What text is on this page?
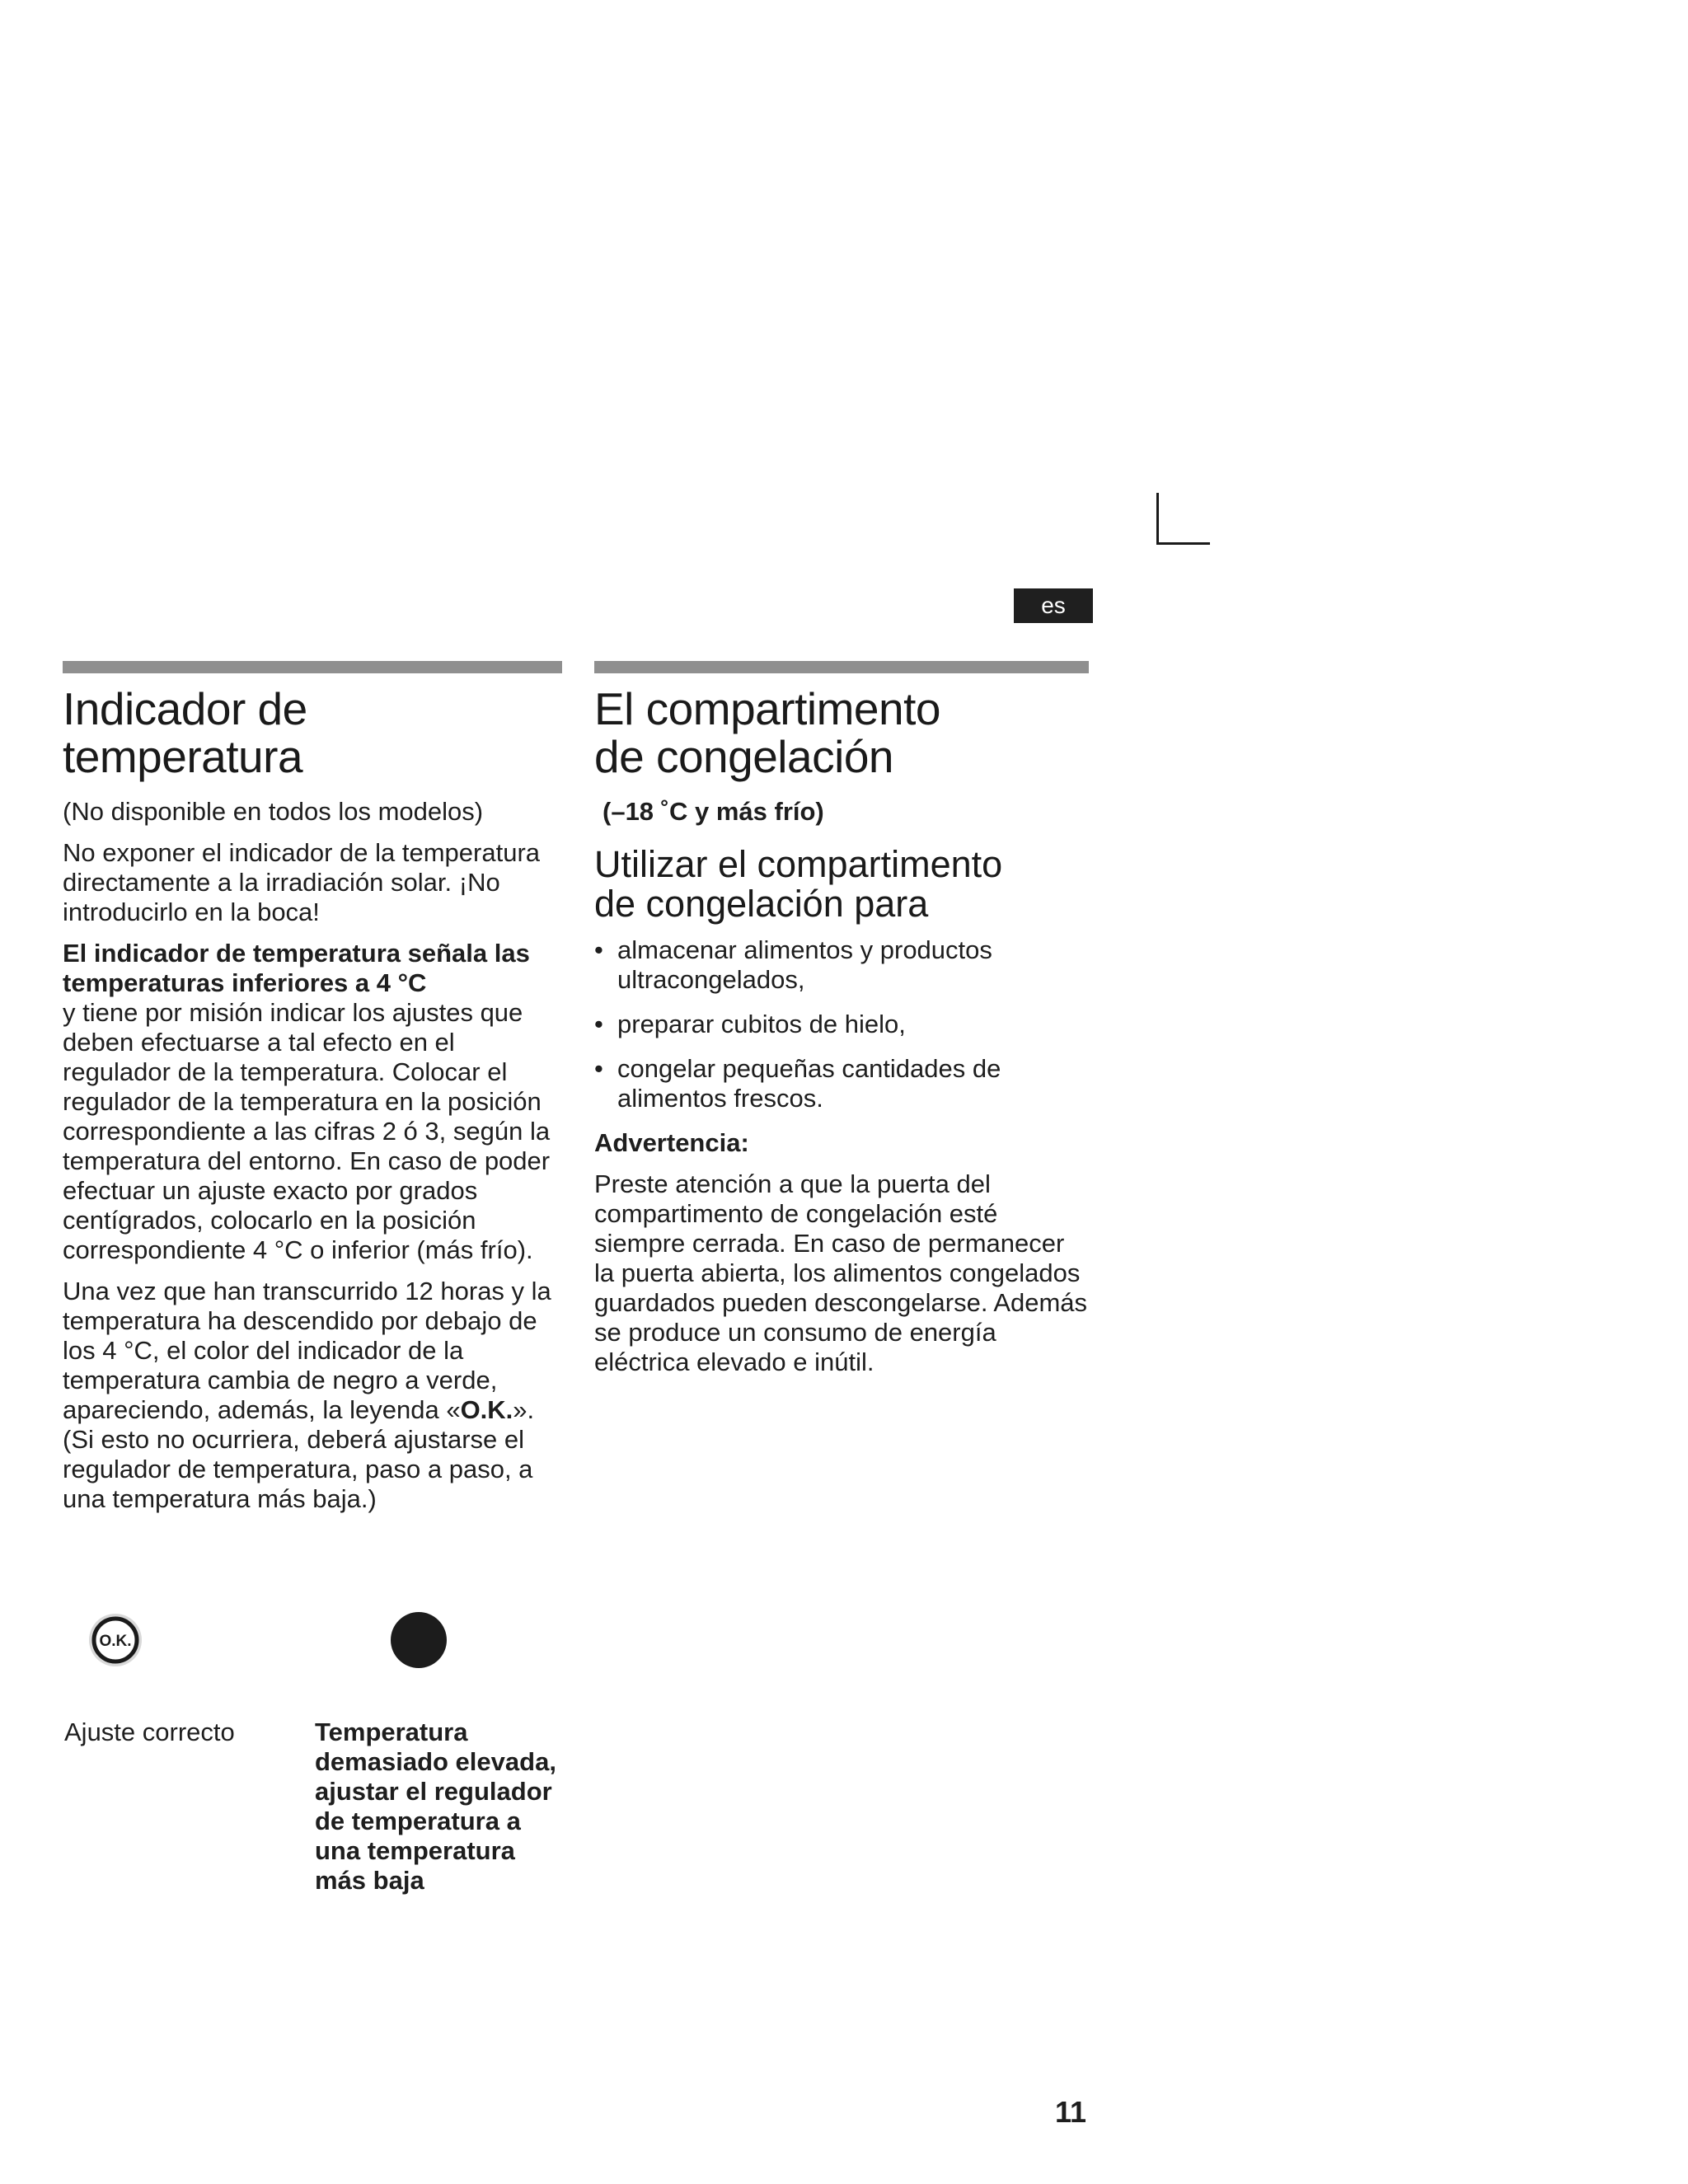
es
Indicador de
temperatura

(No disponible en todos los modelos)

No exponer el indicador de la temperatura directamente a la irradiación solar. ¡No introducirlo en la boca!

El indicador de temperatura señala las temperaturas inferiores a 4 °C
y tiene por misión indicar los ajustes que deben efectuarse a tal efecto en el regulador de la temperatura. Colocar el regulador de la temperatura en la posición correspondiente a las cifras 2 ó 3, según la temperatura del entorno. En caso de poder efectuar un ajuste exacto por grados centígrados, colocarlo en la posición correspondiente 4 °C o inferior (más frío).

Una vez que han transcurrido 12 horas y la temperatura ha descendido por debajo de los 4 °C, el color del indicador de la temperatura cambia de negro a verde, apareciendo, además, la leyenda «O.K.». (Si esto no ocurriera, deberá ajustarse el regulador de temperatura, paso a paso, a una temperatura más baja.)

O.K.
Ajuste correcto	Temperatura demasiado elevada, ajustar el regulador de temperatura a una temperatura más baja
El compartimento
de congelación
(–18 ˚C y más frío)
Utilizar el compartimento
de congelación para
• almacenar alimentos y productos ultracongelados,
• preparar cubitos de hielo,
• congelar pequeñas cantidades de alimentos frescos.

Advertencia:

Preste atención a que la puerta del compartimento de congelación esté siempre cerrada. En caso de permanecer la puerta abierta, los alimentos congelados guardados pueden descongelarse. Además se produce un consumo de energía eléctrica elevado e inútil.

11
